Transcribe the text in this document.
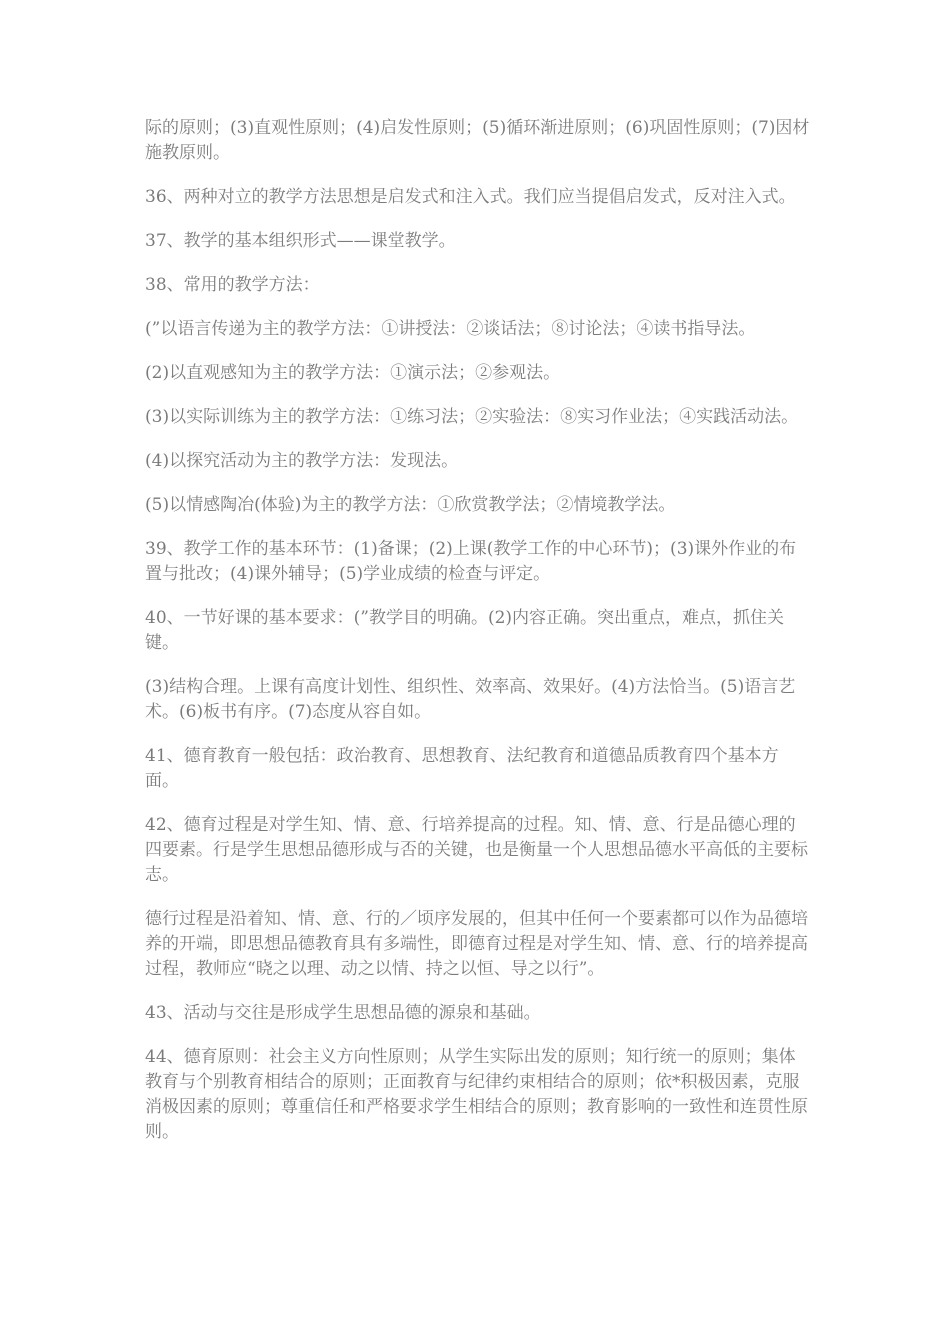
际的原则；(3)直观性原则；(4)启发性原则；(5)循环渐进原则；(6)巩固性原则；(7)因材施教原则。

36、两种对立的教学方法思想是启发式和注入式。我们应当提倡启发式，反对注入式。

37、教学的基本组织形式——课堂教学。

38、常用的教学方法：

(”以语言传递为主的教学方法：①讲授法：②谈话法；⑧讨论法；④读书指导法。

(2)以直观感知为主的教学方法：①演示法；②参观法。

(3)以实际训练为主的教学方法：①练习法；②实验法：⑧实习作业法；④实践活动法。

(4)以探究活动为主的教学方法：发现法。

(5)以情感陶冶(体验)为主的教学方法：①欣赏教学法；②情境教学法。

39、教学工作的基本环节：(1)备课；(2)上课(教学工作的中心环节)；(3)课外作业的布置与批改；(4)课外辅导；(5)学业成绩的检查与评定。

40、一节好课的基本要求：(”教学目的明确。(2)内容正确。突出重点，难点，抓住关键。

(3)结构合理。上课有高度计划性、组织性、效率高、效果好。(4)方法恰当。(5)语言艺术。(6)板书有序。(7)态度从容自如。

41、德育教育一般包括：政治教育、思想教育、法纪教育和道德品质教育四个基本方面。

42、德育过程是对学生知、情、意、行培养提高的过程。知、情、意、行是品德心理的四要素。行是学生思想品德形成与否的关键，也是衡量一个人思想品德水平高低的主要标志。

德行过程是沿着知、情、意、行的／顷序发展的，但其中任何一个要素都可以作为品德培养的开端，即思想品德教育具有多端性，即德育过程是对学生知、情、意、行的培养提高过程，教师应“晓之以理、动之以情、持之以恒、导之以行”。

43、活动与交往是形成学生思想品德的源泉和基础。

44、德育原则：社会主义方向性原则；从学生实际出发的原则；知行统一的原则；集体教育与个别教育相结合的原则；正面教育与纪律约束相结合的原则；依*积极因素，克服消极因素的原则；尊重信任和严格要求学生相结合的原则；教育影响的一致性和连贯性原则。
